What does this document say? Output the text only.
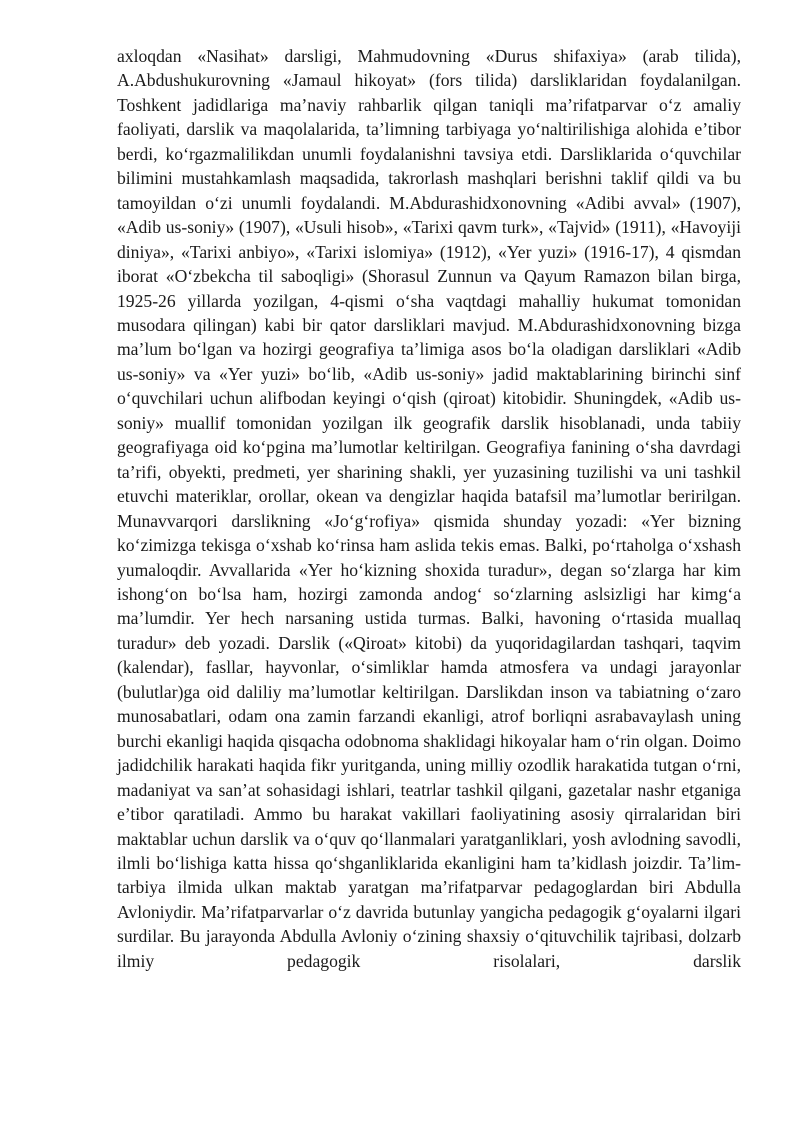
axloqdan «Nasihat» darsligi, Mahmudovning «Durus shifaxiya» (arab tilida), A.Abdushukurovning «Jamaul hikoyat» (fors tilida) darsliklaridan foydalanilgan. Toshkent jadidlariga ma’naviy rahbarlik qilgan taniqli ma’rifatparvar o‘z amaliy faoliyati, darslik va maqolalarida, ta’limning tarbiyaga yo‘naltirilishiga alohida e’tibor berdi, ko‘rgazmalilikdan unumli foydalanishni tavsiya etdi. Darsliklarida o‘quvchilar bilimini mustahkamlash maqsadida, takrorlash mashqlari berishni taklif qildi va bu tamoyildan o‘zi unumli foydalandi. M.Abdurashidxonovning «Adibi avval» (1907), «Adib us-soniy» (1907), «Usuli hisob», «Tarixi qavm turk», «Tajvid» (1911), «Havoyiji diniya», «Tarixi anbiyo», «Tarixi islomiya» (1912), «Yer yuzi» (1916-17), 4 qismdan iborat «O‘zbekcha til saboqligi» (Shorasul Zunnun va Qayum Ramazon bilan birga, 1925-26 yillarda yozilgan, 4-qismi o‘sha vaqtdagi mahalliy hukumat tomonidan musodara qilingan) kabi bir qator darsliklari mavjud. M.Abdurashidxonovning bizga ma’lum bo‘lgan va hozirgi geografiya ta’limiga asos bo‘la oladigan darsliklari «Adib us-soniy» va «Yer yuzi» bo‘lib, «Adib us-soniy» jadid maktablarining birinchi sinf o‘quvchilari uchun alifbodan keyingi o‘qish (qiroat) kitobidir. Shuningdek, «Adib us-soniy» muallif tomonidan yozilgan ilk geografik darslik hisoblanadi, unda tabiiy geografiyaga oid ko‘pgina ma’lumotlar keltirilgan. Geografiya fanining o‘sha davrdagi ta’rifi, obyekti, predmeti, yer sharining shakli, yer yuzasining tuzilishi va uni tashkil etuvchi materiklar, orollar, okean va dengizlar haqida batafsil ma’lumotlar beririlgan. Munavvarqori darslikning «Jo‘g‘rofiya» qismida shunday yozadi: «Yer bizning ko‘zimizga tekisga o‘xshab ko‘rinsa ham aslida tekis emas. Balki, po‘rtaholga o‘xshash yumaloqdir. Avvallarida «Yer ho‘kizning shoxida turadur», degan so‘zlarga har kim ishong‘on bo‘lsa ham, hozirgi zamonda andog‘ so‘zlarning aslsizligi har kimg‘a ma’lumdir. Yer hech narsaning ustida turmas. Balki, havoning o‘rtasida muallaq turadur» deb yozadi. Darslik («Qiroat» kitobi) da yuqoridagilardan tashqari, taqvim (kalendar), fasllar, hayvonlar, o‘simliklar hamda atmosfera va undagi jarayonlar (bulutlar)ga oid daliliy ma’lumotlar keltirilgan. Darslikdan inson va tabiatning o‘zaro munosabatlari, odam ona zamin farzandi ekanligi, atrof borliqni asrabavaylash uning burchi ekanligi haqida qisqacha odobnoma shaklidagi hikoyalar ham o‘rin olgan. Doimo jadidchilik harakati haqida fikr yuritganda, uning milliy ozodlik harakatida tutgan o‘rni, madaniyat va san’at sohasidagi ishlari, teatrlar tashkil qilgani, gazetalar nashr etganiga e’tibor qaratiladi. Ammo bu harakat vakillari faoliyatining asosiy qirralaridan biri maktablar uchun darslik va o‘quv qo‘llanmalari yaratganliklari, yosh avlodning savodli, ilmli bo‘lishiga katta hissa qo‘shganliklarida ekanligini ham ta’kidlash joizdir. Ta’lim-tarbiya ilmida ulkan maktab yaratgan ma’rifatparvar pedagoglardan biri Abdulla Avloniydir. Ma’rifatparvarlar o‘z davrida butunlay yangicha pedagogik g‘oyalarni ilgari surdilar. Bu jarayonda Abdulla Avloniy o‘zining shaxsiy o‘qituvchilik tajribasi, dolzarb ilmiy pedagogik risolalari, darslik
